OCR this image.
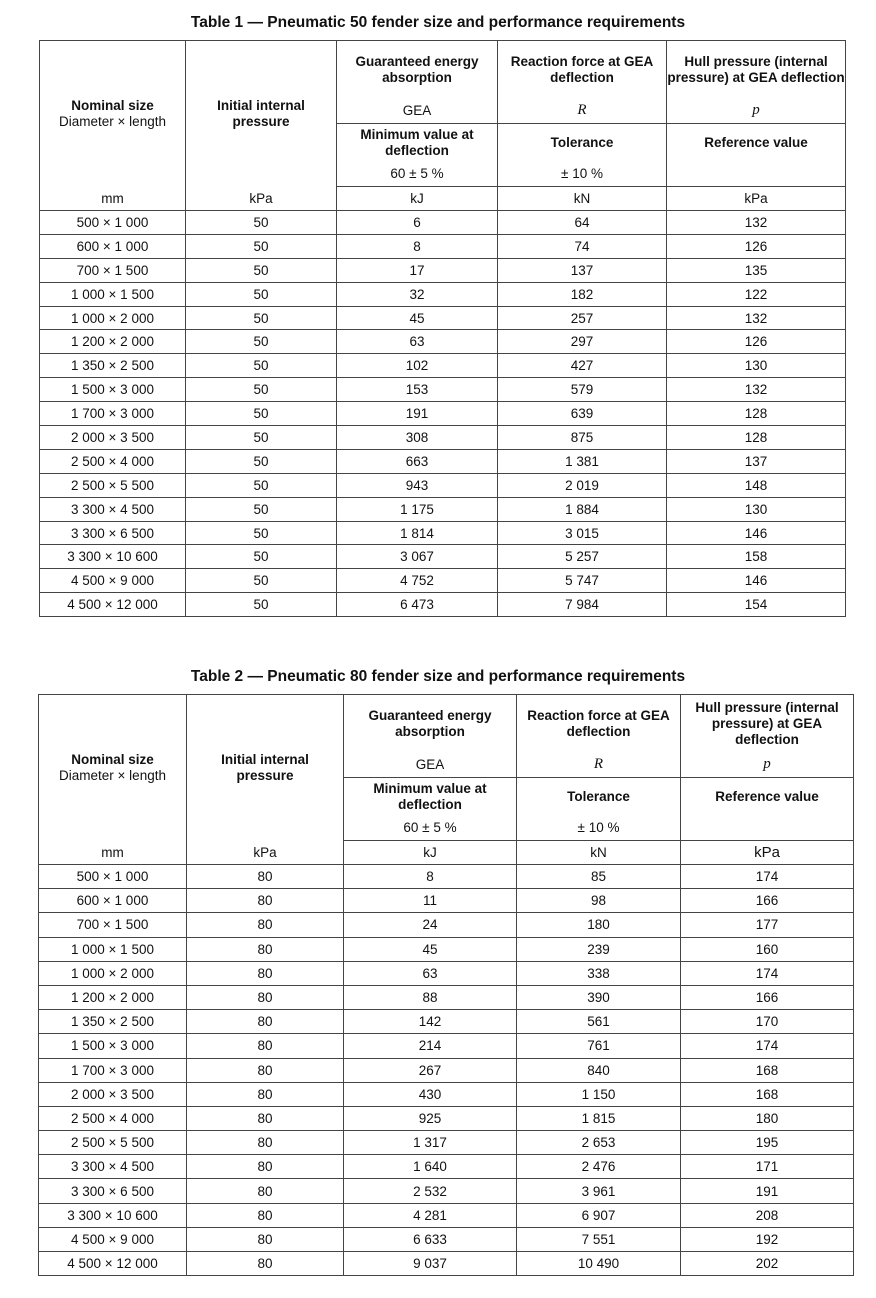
Table 1 — Pneumatic 50 fender size and performance requirements
Nominal size
Diameter × length	Initial internal pressure	Guaranteed energy absorption	Reaction force at GEA deflection	Hull pressure (internal pressure) at GEA deflection

		GEA	R	p

		Minimum value at deflection	Tolerance	Reference value
		60 ± 5 %	± 10 %	
mm	kPa	kJ	kN	kPa
500 × 1 000	50	6	64	132
600 × 1 000	50	8	74	126
700 × 1 500	50	17	137	135
1 000 × 1 500	50	32	182	122
1 000 × 2 000	50	45	257	132
1 200 × 2 000	50	63	297	126
1 350 × 2 500	50	102	427	130
1 500 × 3 000	50	153	579	132
1 700 × 3 000	50	191	639	128
2 000 × 3 500	50	308	875	128
2 500 × 4 000	50	663	1 381	137
2 500 × 5 500	50	943	2 019	148
3 300 × 4 500	50	1 175	1 884	130
3 300 × 6 500	50	1 814	3 015	146
3 300 × 10 600	50	3 067	5 257	158
4 500 × 9 000	50	4 752	5 747	146
4 500 × 12 000	50	6 473	7 984	154
Table 2 — Pneumatic 80 fender size and performance requirements
Nominal size
Diameter × length	Initial internal pressure	Guaranteed energy absorption	Reaction force at GEA deflection	Hull pressure (internal pressure) at GEA deflection

		GEA	R	p

		Minimum value at deflection	Tolerance	Reference value
		60 ± 5 %	± 10 %	
mm	kPa	kJ	kN	kPa
500 × 1 000	80	8	85	174
600 × 1 000	80	11	98	166
700 × 1 500	80	24	180	177
1 000 × 1 500	80	45	239	160
1 000 × 2 000	80	63	338	174
1 200 × 2 000	80	88	390	166
1 350 × 2 500	80	142	561	170
1 500 × 3 000	80	214	761	174
1 700 × 3 000	80	267	840	168
2 000 × 3 500	80	430	1 150	168
2 500 × 4 000	80	925	1 815	180
2 500 × 5 500	80	1 317	2 653	195
3 300 × 4 500	80	1 640	2 476	171
3 300 × 6 500	80	2 532	3 961	191
3 300 × 10 600	80	4 281	6 907	208
4 500 × 9 000	80	6 633	7 551	192
4 500 × 12 000	80	9 037	10 490	202
